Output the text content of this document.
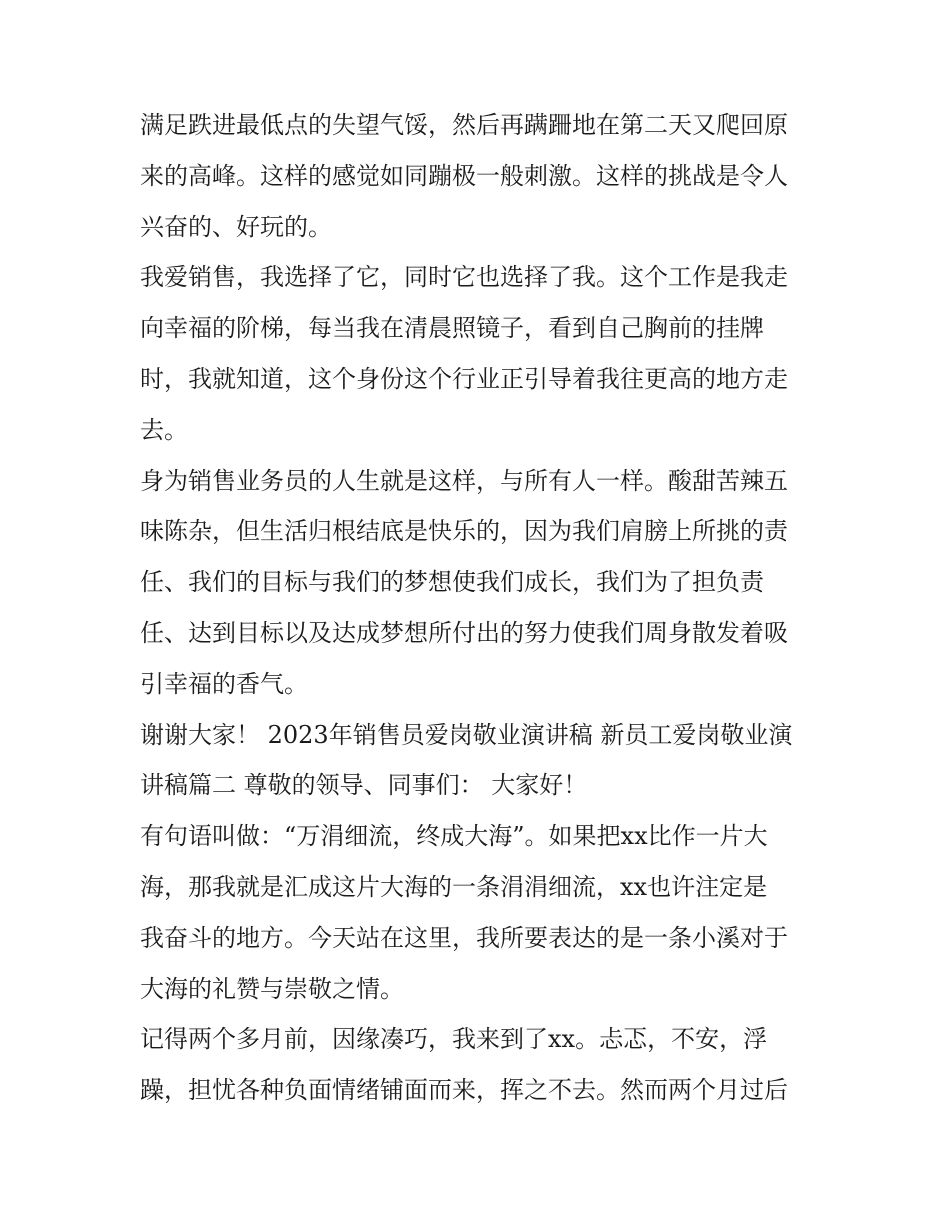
满足跌进最低点的失望气馁，然后再蹒跚地在第二天又爬回原

来的高峰。这样的感觉如同蹦极一般刺激。这样的挑战是令人

兴奋的、好玩的。

我爱销售，我选择了它，同时它也选择了我。这个工作是我走

向幸福的阶梯，每当我在清晨照镜子，看到自己胸前的挂牌

时，我就知道，这个身份这个行业正引导着我往更高的地方走

去。

身为销售业务员的人生就是这样，与所有人一样。酸甜苦辣五

味陈杂，但生活归根结底是快乐的，因为我们肩膀上所挑的责

任、我们的目标与我们的梦想使我们成长，我们为了担负责

任、达到目标以及达成梦想所付出的努力使我们周身散发着吸

引幸福的香气。

谢谢大家！ 2023年销售员爱岗敬业演讲稿 新员工爱岗敬业演

讲稿篇二 尊敬的领导、同事们： 大家好！

有句语叫做：“万涓细流，终成大海”。如果把xx比作一片大

海，那我就是汇成这片大海的一条涓涓细流，xx也许注定是

我奋斗的地方。今天站在这里，我所要表达的是一条小溪对于

大海的礼赞与崇敬之情。

记得两个多月前，因缘凑巧，我来到了xx。忐忑，不安，浮

躁，担忧各种负面情绪铺面而来，挥之不去。然而两个月过后
